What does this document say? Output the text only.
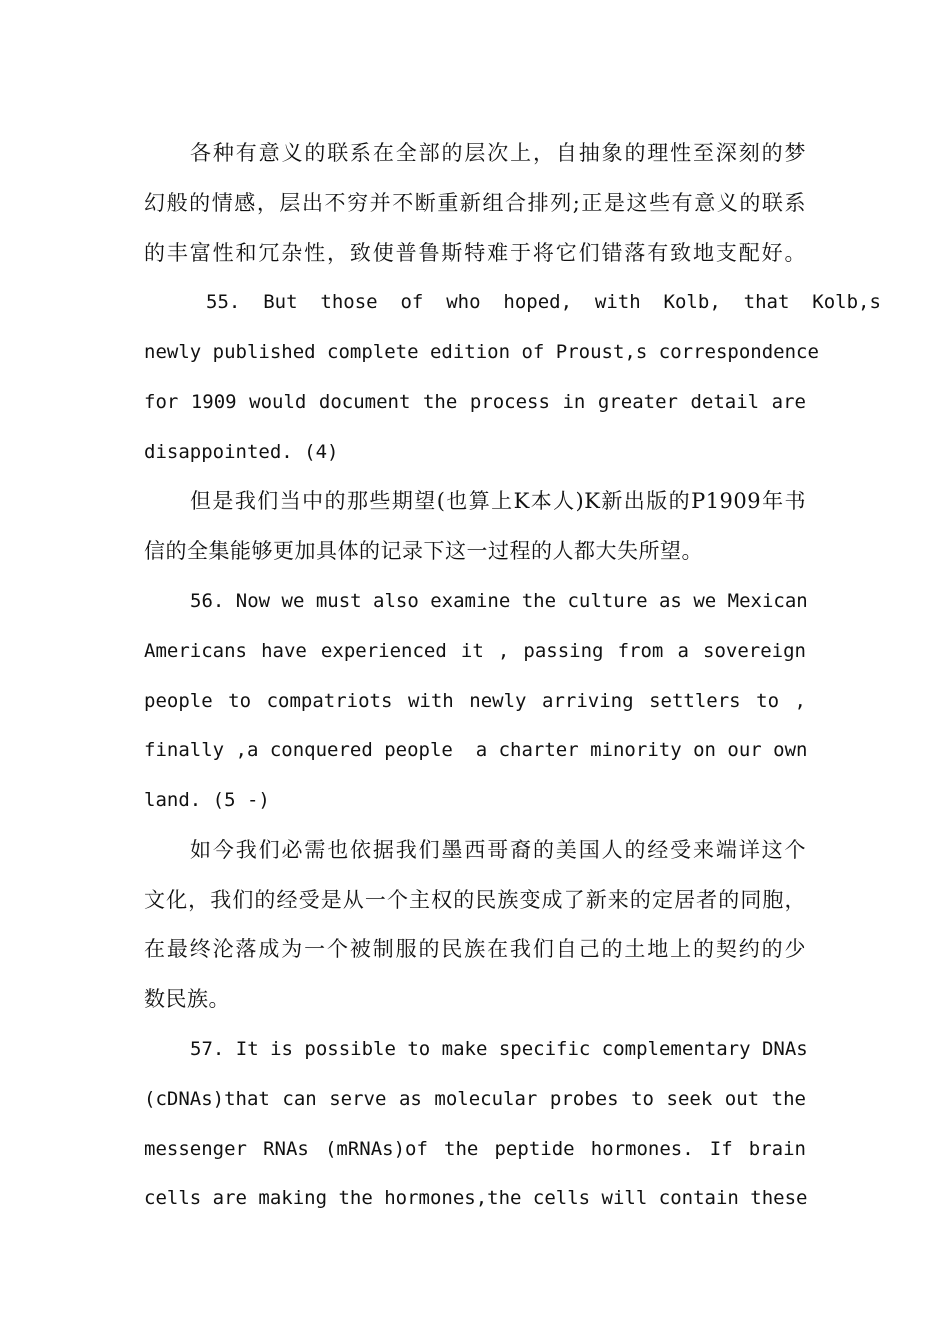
各种有意义的联系在全部的层次上，自抽象的理性至深刻的梦
幻般的情感，层出不穷并不断重新组合排列;正是这些有意义的联系
的丰富性和冗杂性，致使普鲁斯特难于将它们错落有致地支配好。
55.  But  those  of  who  hoped,  with  Kolb,  that  Kolb,s
newly published complete edition of Proust,s correspondence
for 1909 would document the process in greater detail are
disappointed. (4)
但是我们当中的那些期望(也算上K本人)K新出版的P1909年书
信的全集能够更加具体的记录下这一过程的人都大失所望。
56. Now we must also examine the culture as we Mexican
Americans have experienced it , passing from a sovereign
people to compatriots with newly arriving settlers to ,
finally ,a conquered people  a charter minority on our own
land. (5 -)
如今我们必需也依据我们墨西哥裔的美国人的经受来端详这个
文化，我们的经受是从一个主权的民族变成了新来的定居者的同胞，
在最终沦落成为一个被制服的民族在我们自己的土地上的契约的少
数民族。
57. It is possible to make specific complementary DNAs
(cDNAs)that can serve as molecular probes to seek out the
messenger RNAs (mRNAs)of the peptide hormones. If brain
cells are making the hormones,the cells will contain these
